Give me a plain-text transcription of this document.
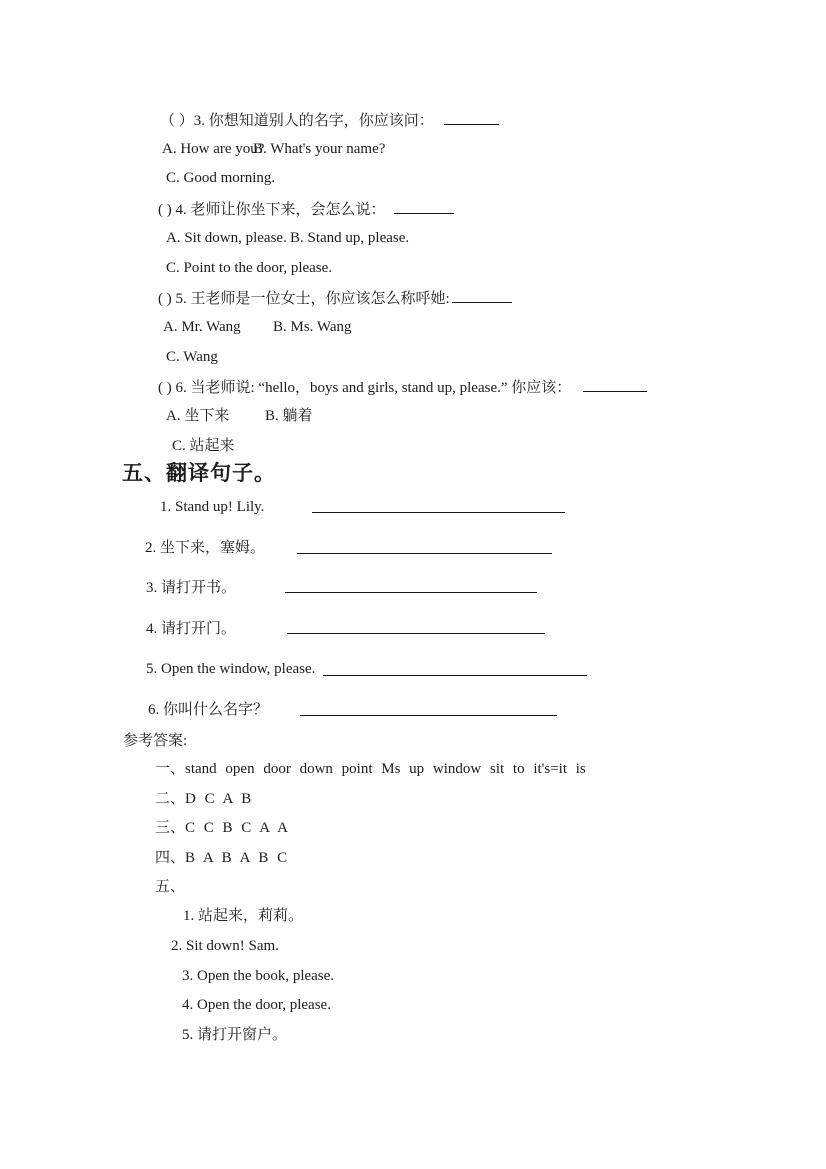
（ ）3. 你想知道别人的名字，你应该问：
A. How are you?
B. What's your name?
C. Good morning.
( ) 4. 老师让你坐下来，会怎么说：
A. Sit down, please. B. Stand up, please.
C. Point to the door, please.
( ) 5. 王老师是一位女士，你应该怎么称呼她:
A. Mr. Wang B. Ms. Wang
C. Wang
( ) 6. 当老师说: “hello，boys and girls, stand up, please.” 你应该：
A. 坐下来 B. 躺着
C. 站起来
五、翻译句子。
1. Stand up! Lily.
2. 坐下来，塞姆。
3. 请打开书。
4. 请打开门。
5. Open the window, please.
6. 你叫什么名字？
参考答案:
一、stand open door down point Ms up window sit to it's=it is
二、D C A B
三、C C B C A A
四、B A B A B C
五、
1. 站起来，莉莉。
2. Sit down! Sam.
3. Open the book, please.
4. Open the door, please.
5. 请打开窗户。
